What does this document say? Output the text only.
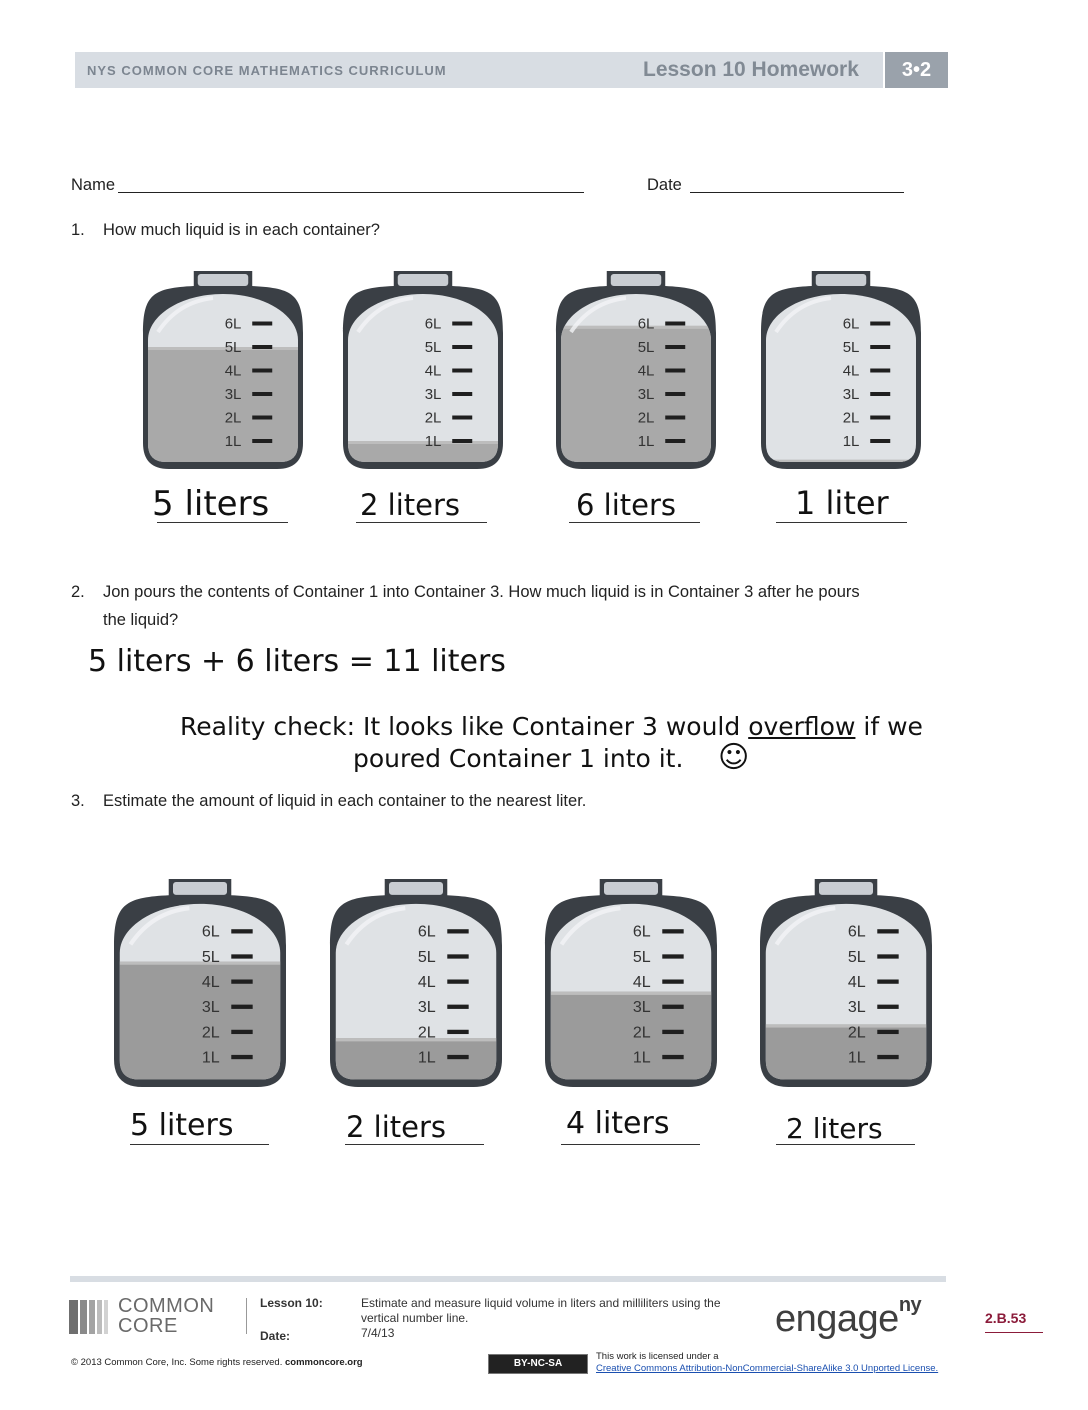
NYS COMMON CORE MATHEMATICS CURRICULUM	Lesson 10 Homework	3•2
Name	Date
1. How much liquid is in each container?
6L
5L
4L
3L
2L
1L
6L
5L
4L
3L
2L
1L
6L
5L
4L
3L
2L
1L
6L
5L
4L
3L
2L
1L
5 liters	2 liters	6 liters	1 liter
2. Jon pours the contents of Container 1 into Container 3. How much liquid is in Container 3 after he pours
the liquid?
5 liters + 6 liters = 11 liters
Reality check: It looks like Container 3 would overflow if we
poured Container 1 into it. ☺
3. Estimate the amount of liquid in each container to the nearest liter.
6L
5L
4L
3L
2L
1L
6L
5L
4L
3L
2L
1L
6L
5L
4L
3L
2L
1L
6L
5L
4L
3L
2L
1L
5 liters	2 liters	4 liters	2 liters
COMMON
CORE
Lesson 10:
Date:
Estimate and measure liquid volume in liters and milliliters using the
vertical number line.
7/4/13	engage$^{ny}$
2.B.53
© 2013 Common Core, Inc. Some rights reserved. commoncore.org	BY-NC-SA
This work is licensed under a
Creative Commons Attribution-NonCommercial-ShareAlike 3.0 Unported License.
